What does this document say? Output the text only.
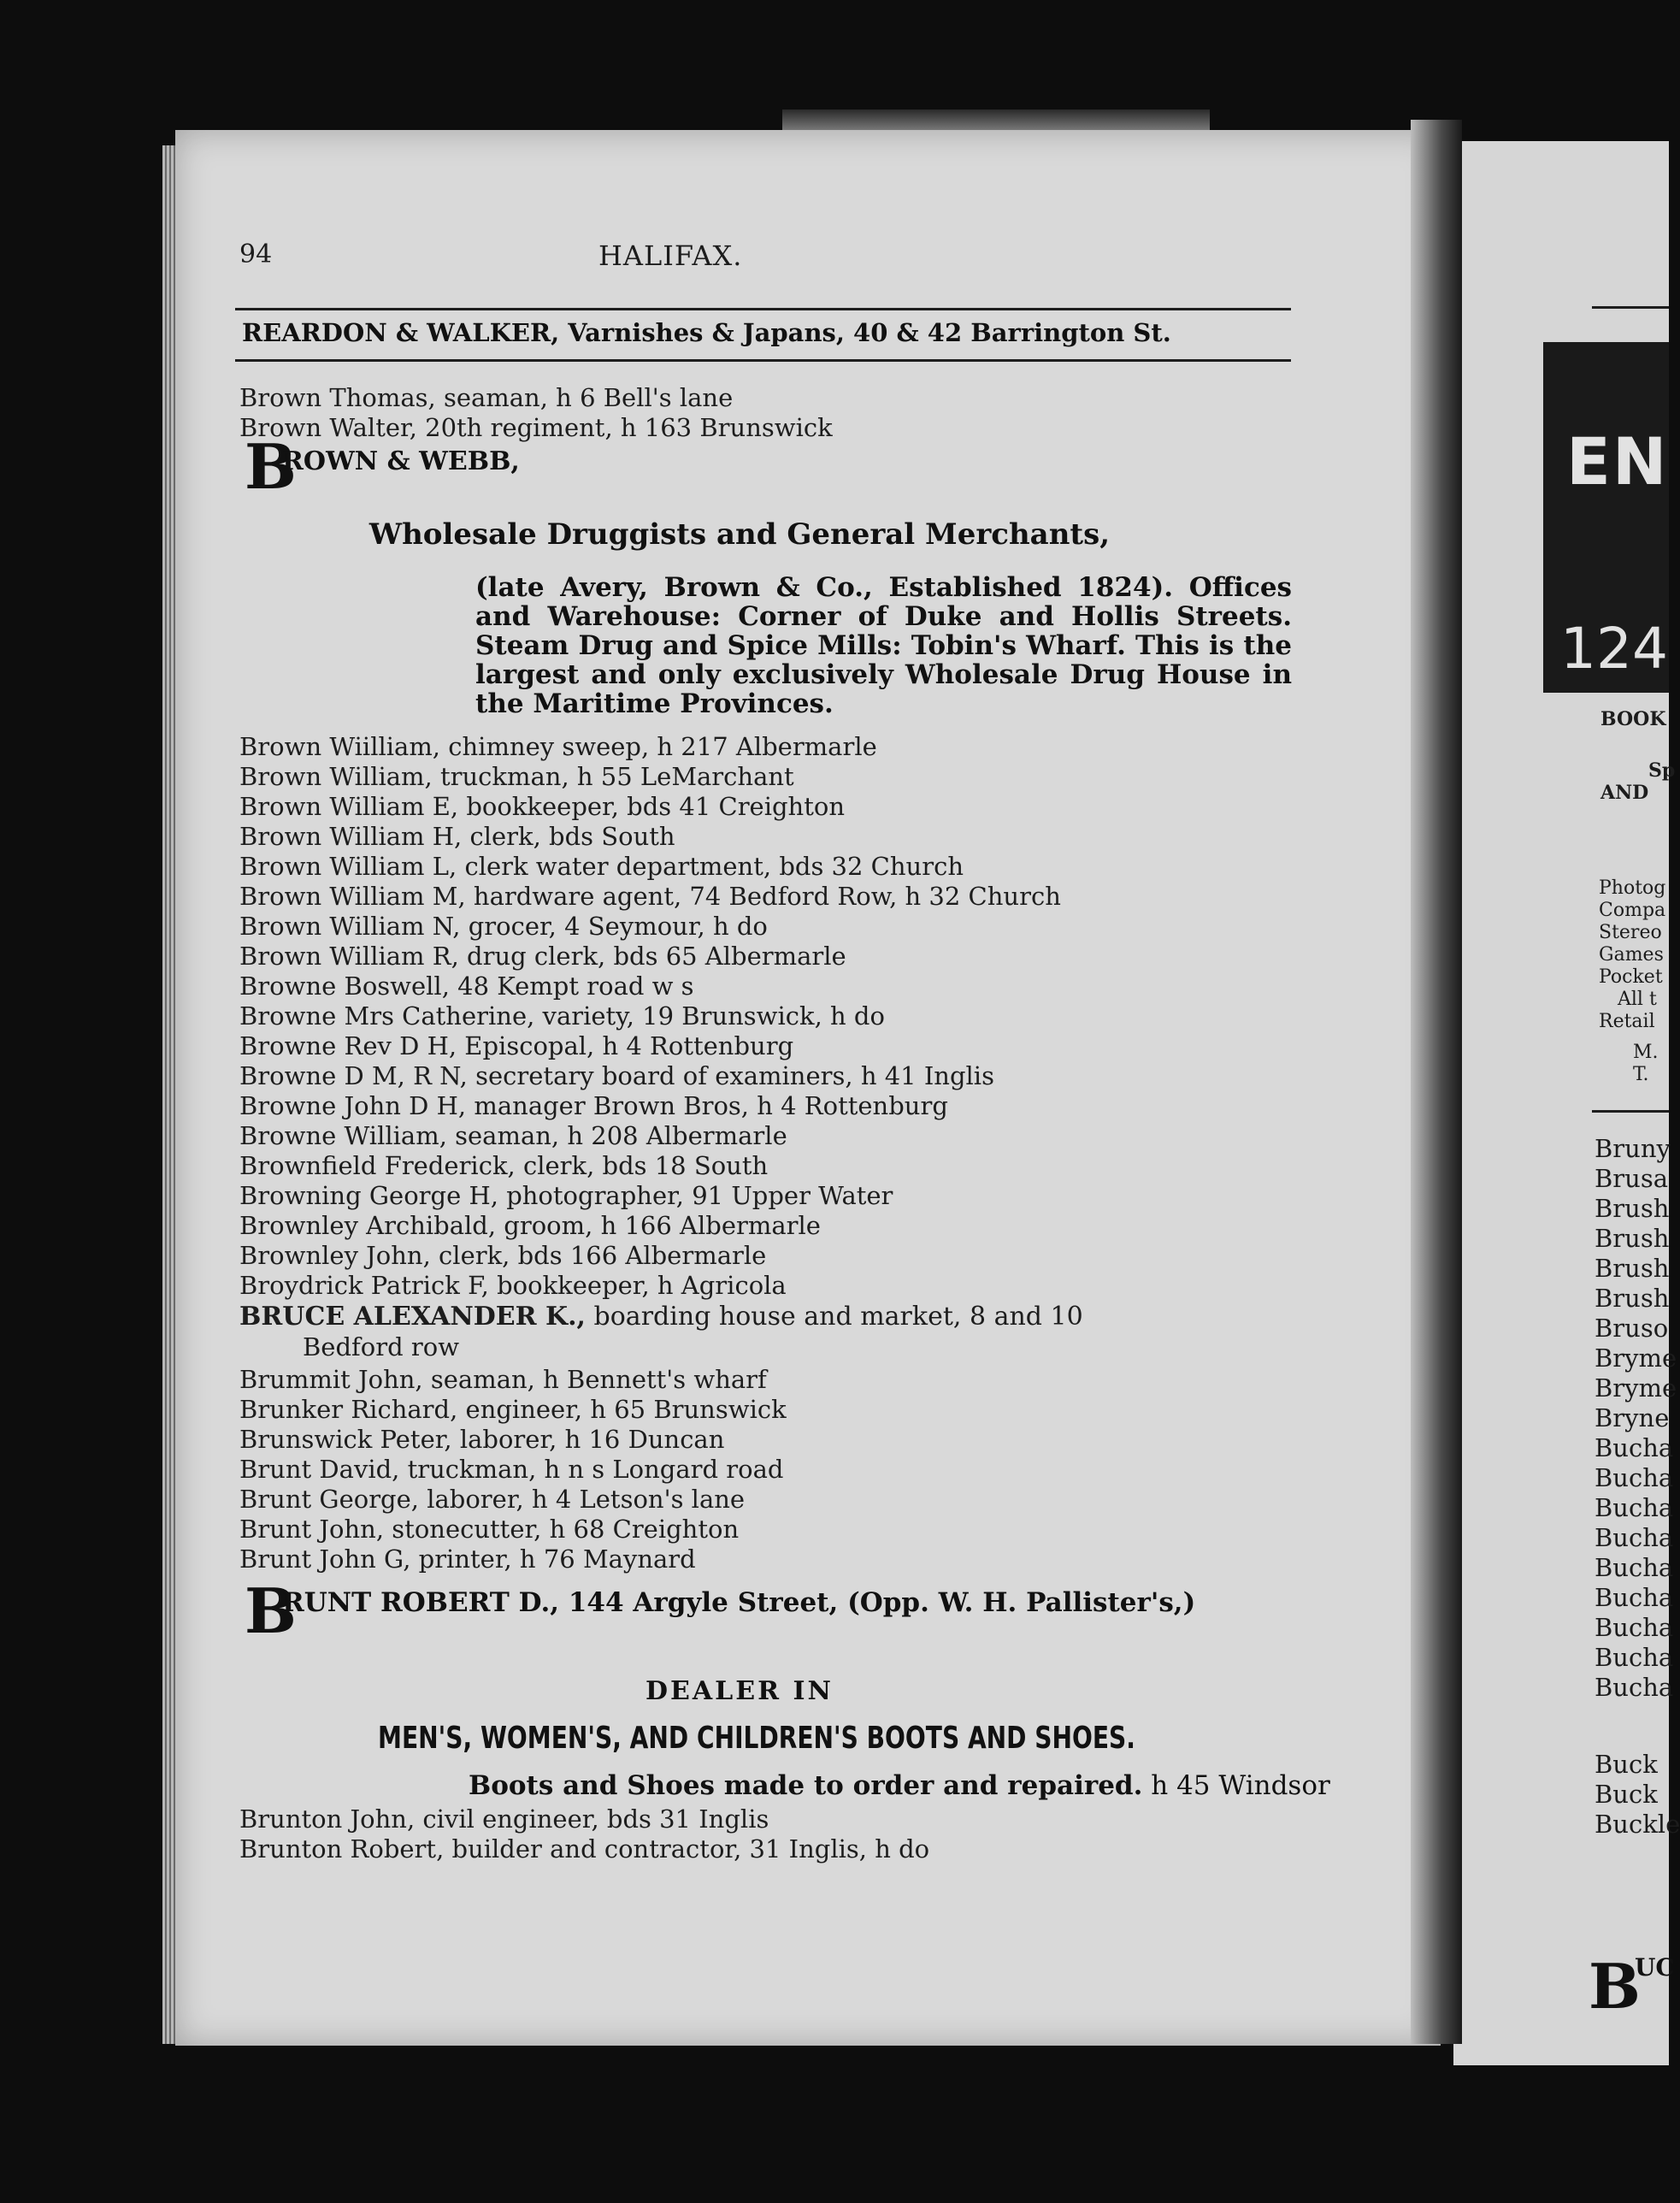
94	HALIFAX.
REARDON & WALKER, Varnishes & Japans, 40 & 42 Barrington St.
Brown Thomas, seaman, h 6 Bell's lane
Brown Walter, 20th regiment, h 163 Brunswick
B
ROWN & WEBB,
Wholesale Druggists and General Merchants,
(late Avery, Brown & Co., Established 1824). Offices and Warehouse: Corner of Duke and Hollis Streets. Steam Drug and Spice Mills: Tobin's Wharf. This is the largest and only exclusively Wholesale Drug House in the Maritime Provinces.
Brown Wiilliam, chimney sweep, h 217 Albermarle
Brown William, truckman, h 55 LeMarchant
Brown William E, bookkeeper, bds 41 Creighton
Brown William H, clerk, bds South
Brown William L, clerk water department, bds 32 Church
Brown William M, hardware agent, 74 Bedford Row, h 32 Church
Brown William N, grocer, 4 Seymour, h do
Brown William R, drug clerk, bds 65 Albermarle
Browne Boswell, 48 Kempt road w s
Browne Mrs Catherine, variety, 19 Brunswick, h do
Browne Rev D H, Episcopal, h 4 Rottenburg
Browne D M, R N, secretary board of examiners, h 41 Inglis
Browne John D H, manager Brown Bros, h 4 Rottenburg
Browne William, seaman, h 208 Albermarle
Brownfield Frederick, clerk, bds 18 South
Browning George H, photographer, 91 Upper Water
Brownley Archibald, groom, h 166 Albermarle
Brownley John, clerk, bds 166 Albermarle
Broydrick Patrick F, bookkeeper, h Agricola
BRUCE ALEXANDER K., boarding house and market, 8 and 10
Bedford row
Brummit John, seaman, h Bennett's wharf
Brunker Richard, engineer, h 65 Brunswick
Brunswick Peter, laborer, h 16 Duncan
Brunt David, truckman, h n s Longard road
Brunt George, laborer, h 4 Letson's lane
Brunt John, stonecutter, h 68 Creighton
Brunt John G, printer, h 76 Maynard
B
RUNT ROBERT D., 144 Argyle Street, (Opp. W. H. Pallister's,)
DEALER IN
MEN'S, WOMEN'S, AND CHILDREN'S BOOTS AND SHOES.
Boots and Shoes made to order and repaired. h 45 Windsor
Brunton John, civil engineer, bds 31 Inglis
Brunton Robert, builder and contractor, 31 Inglis, h do
EN
124
BOOK
Sp
AND
Photog
Compa
Stereo
Games
Pocket
All t
Retail
M.
T.
Bruny
Brusa
Brush
Brush
Brush
Brush
Bruso
Bryme
Bryme
Bryne
Bucha
Bucha
Bucha
Bucha
Bucha
Bucha
Bucha
Bucha
Bucha
Buck
Buck
Buckle
B
UC
